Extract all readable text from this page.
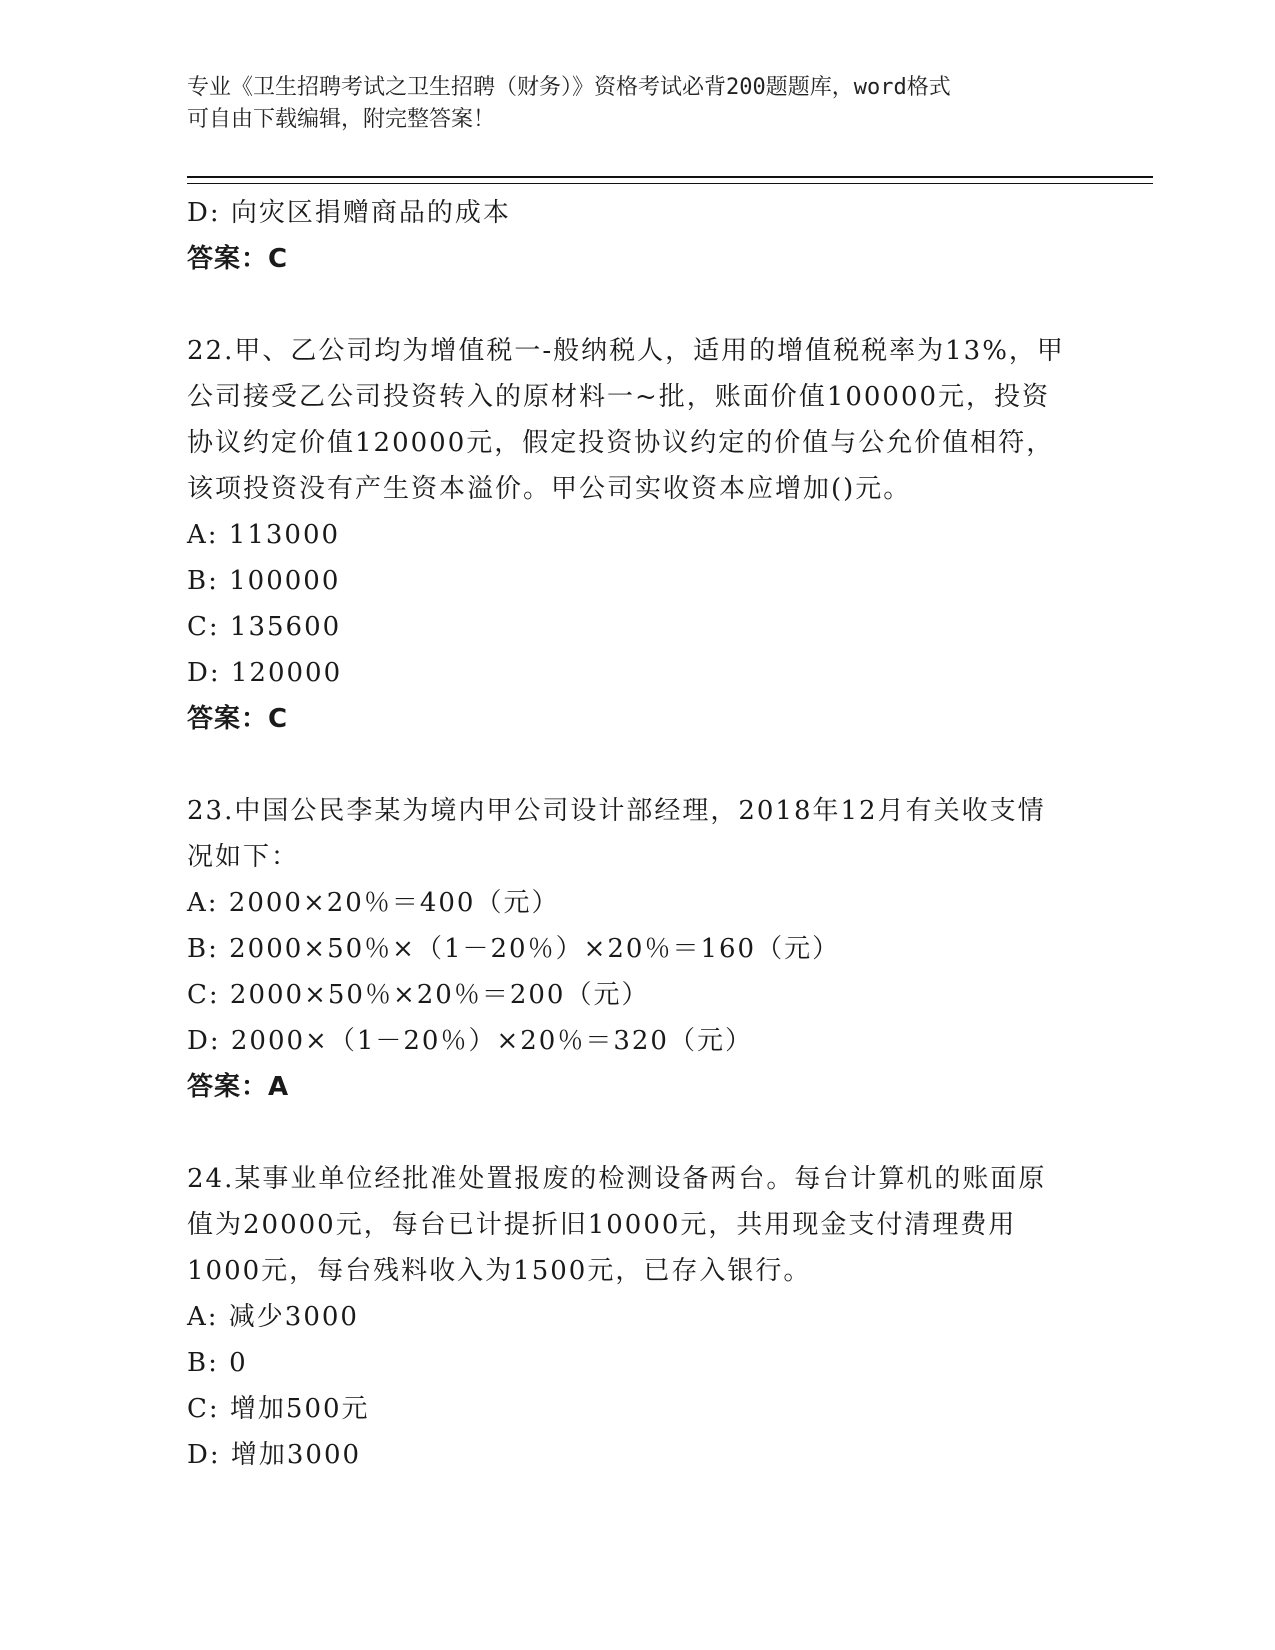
专业《卫生招聘考试之卫生招聘（财务）》资格考试必背200题题库，word格式
可自由下载编辑，附完整答案！
D: 向灾区捐赠商品的成本
答案：C
22.甲、乙公司均为增值税一-般纳税人，适用的增值税税率为13%，甲
公司接受乙公司投资转入的原材料一~批，账面价值100000元，投资
协议约定价值120000元，假定投资协议约定的价值与公允价值相符，
该项投资没有产生资本溢价。甲公司实收资本应增加()元。
A: 113000
B: 100000
C: 135600
D: 120000
答案：C
23.中国公民李某为境内甲公司设计部经理，2018年12月有关收支情
况如下：
A: 2000×20％＝400（元）
B: 2000×50％×（1－20％）×20％＝160（元）
C: 2000×50％×20％＝200（元）
D: 2000×（1－20％）×20％＝320（元）
答案：A
24.某事业单位经批准处置报废的检测设备两台。每台计算机的账面原
值为20000元，每台已计提折旧10000元，共用现金支付清理费用
1000元，每台残料收入为1500元，已存入银行。
A: 减少3000
B: 0
C: 增加500元
D: 增加3000
